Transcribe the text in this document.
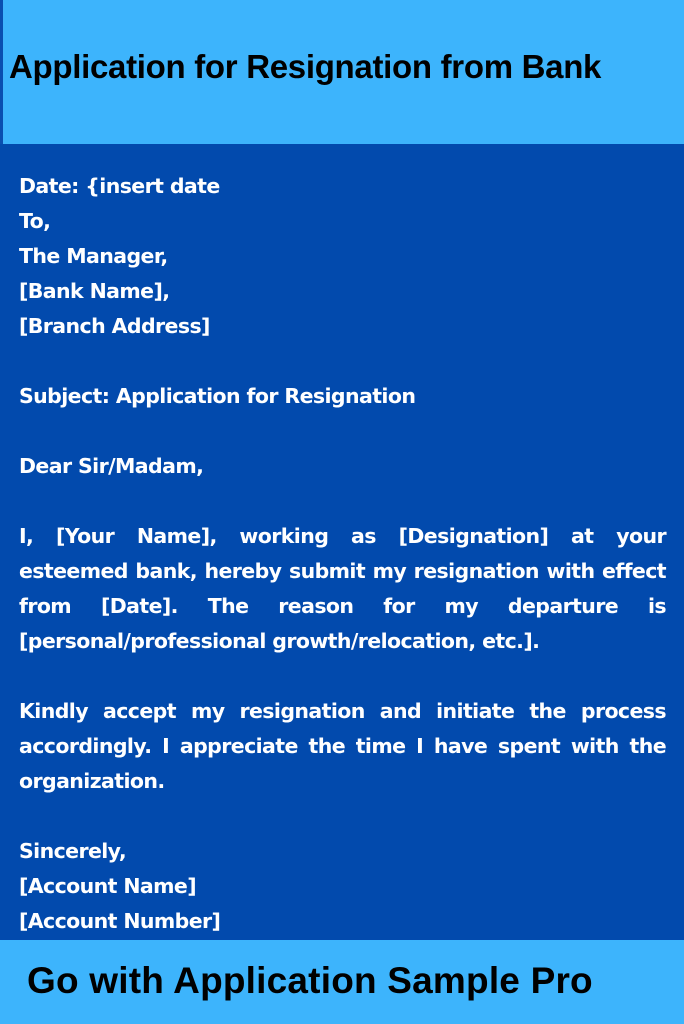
Application for Resignation from Bank
Date: {insert date
To,
The Manager,
[Bank Name],
[Branch Address]
Subject: Application for Resignation
Dear Sir/Madam,
I, [Your Name], working as [Designation] at your esteemed bank, hereby submit my resignation with effect from [Date]. The reason for my departure is [personal/professional growth/relocation, etc.].
Kindly accept my resignation and initiate the process accordingly. I appreciate the time I have spent with the organization.
Sincerely,
[Account Name]
[Account Number]
Go with Application Sample Pro
